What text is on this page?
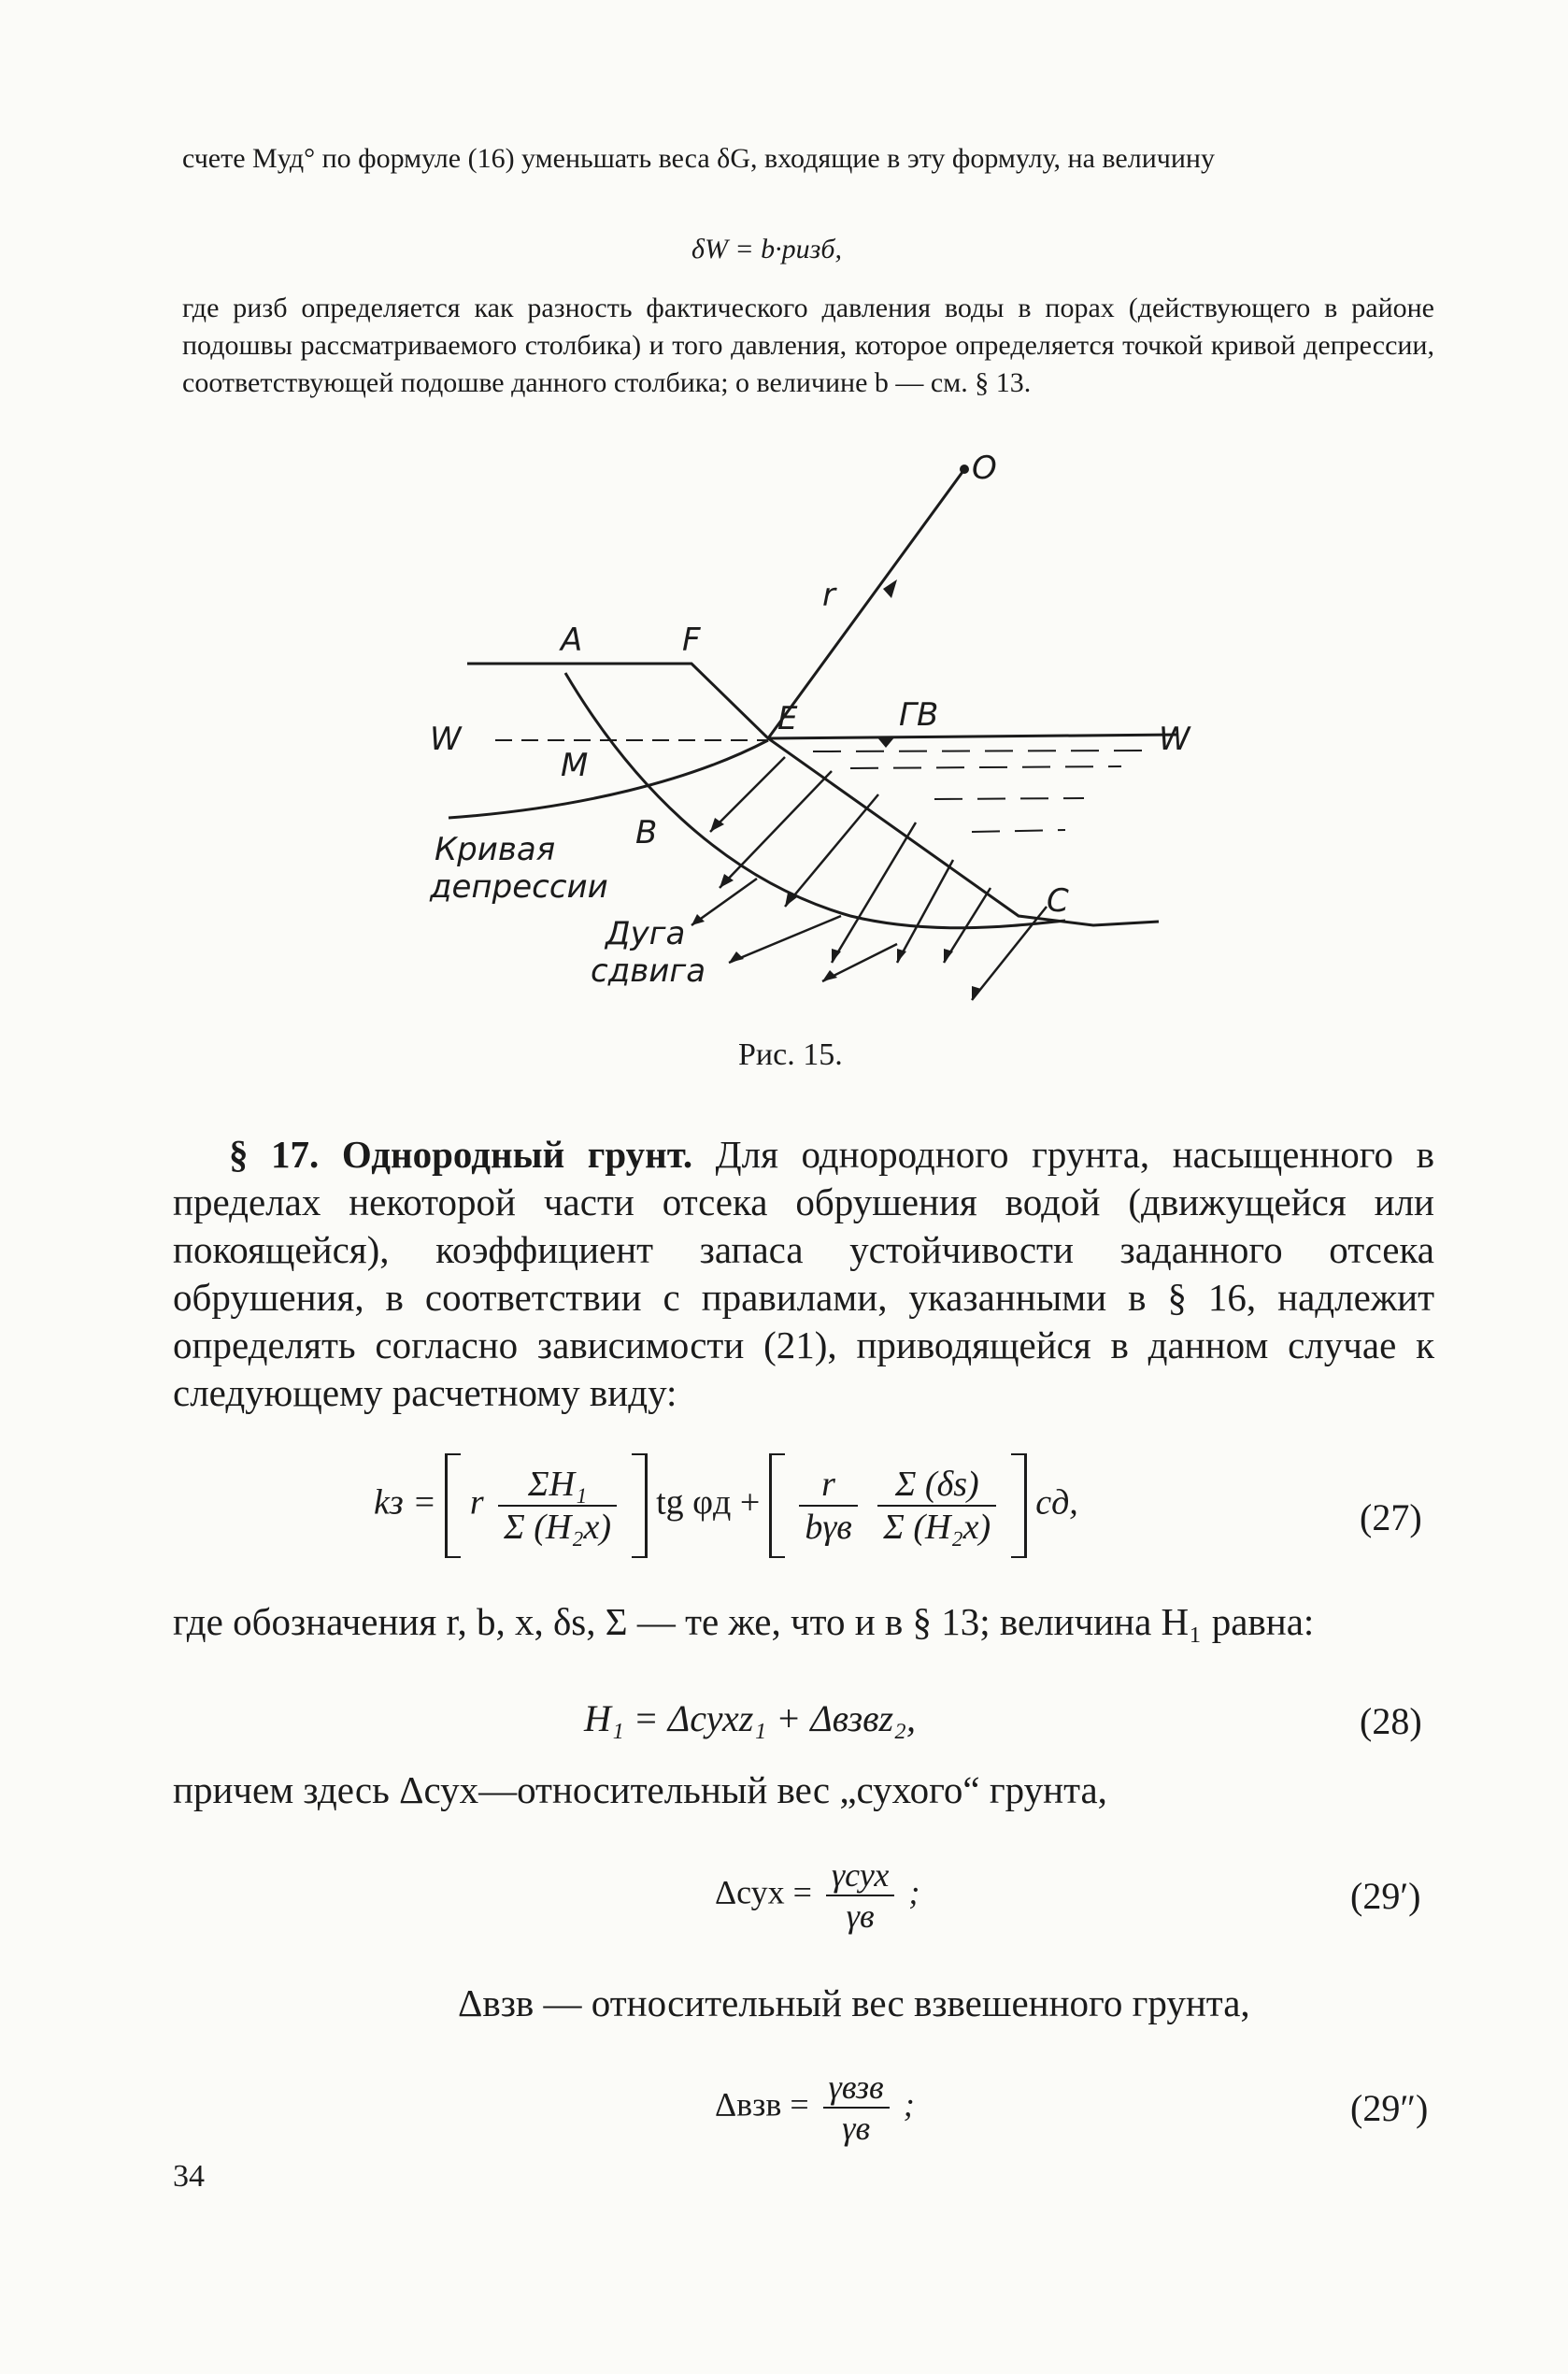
счете Mуд° по формуле (16) уменьшать веса δG, входящие в эту формулу, на величину
δW = b·pизб,
где pизб определяется как разность фактического давления воды в порах (действующего в районе подошвы рассматриваемого столбика) и того давления, которое определяется точкой кривой депрессии, соответствующей подошве данного столбика; о величине b — см. § 13.
O
r
A	F
W
E	ГВ
W
M
B
C
Кривая
депрессии
Дуга
сдвига
Рис. 15.
§ 17. Однородный грунт. Для однородного грунта, насыщенного в пределах некоторой части отсека обрушения водой (движущейся или покоящейся), коэффициент запаса устойчивости заданного отсека обрушения, в соответствии с правилами, указанными в § 16, надлежит определять согласно зависимости (21), приводящейся в данном случае к следующему расчетному виду:
kз = r $\frac{\text{ΣH₁}}{\text{Σ (H₂x)}}$ tg $\varphi д + \frac{r}{\text{bγв}}$
$\frac{\Sigma (\delta s)}{\text{Σ (H₂x)}}$ cд,	(27)
где обозначения r, b, x, δs, Σ — те же, что и в § 13; величина H₁ равна:
H₁ = Δсухz₁ + Δвзвz₂,	(28)
причем здесь Δсух—относительный вес „сухого“ грунта,
$\Delta сух = \frac{\text{γсух}}{\gamma в}$ ;	(29′)
Δвзв — относительный вес взвешенного грунта,
$\Delta взв = \frac{\text{γвзв}}{\gamma в}$ ;	(29″)
34
